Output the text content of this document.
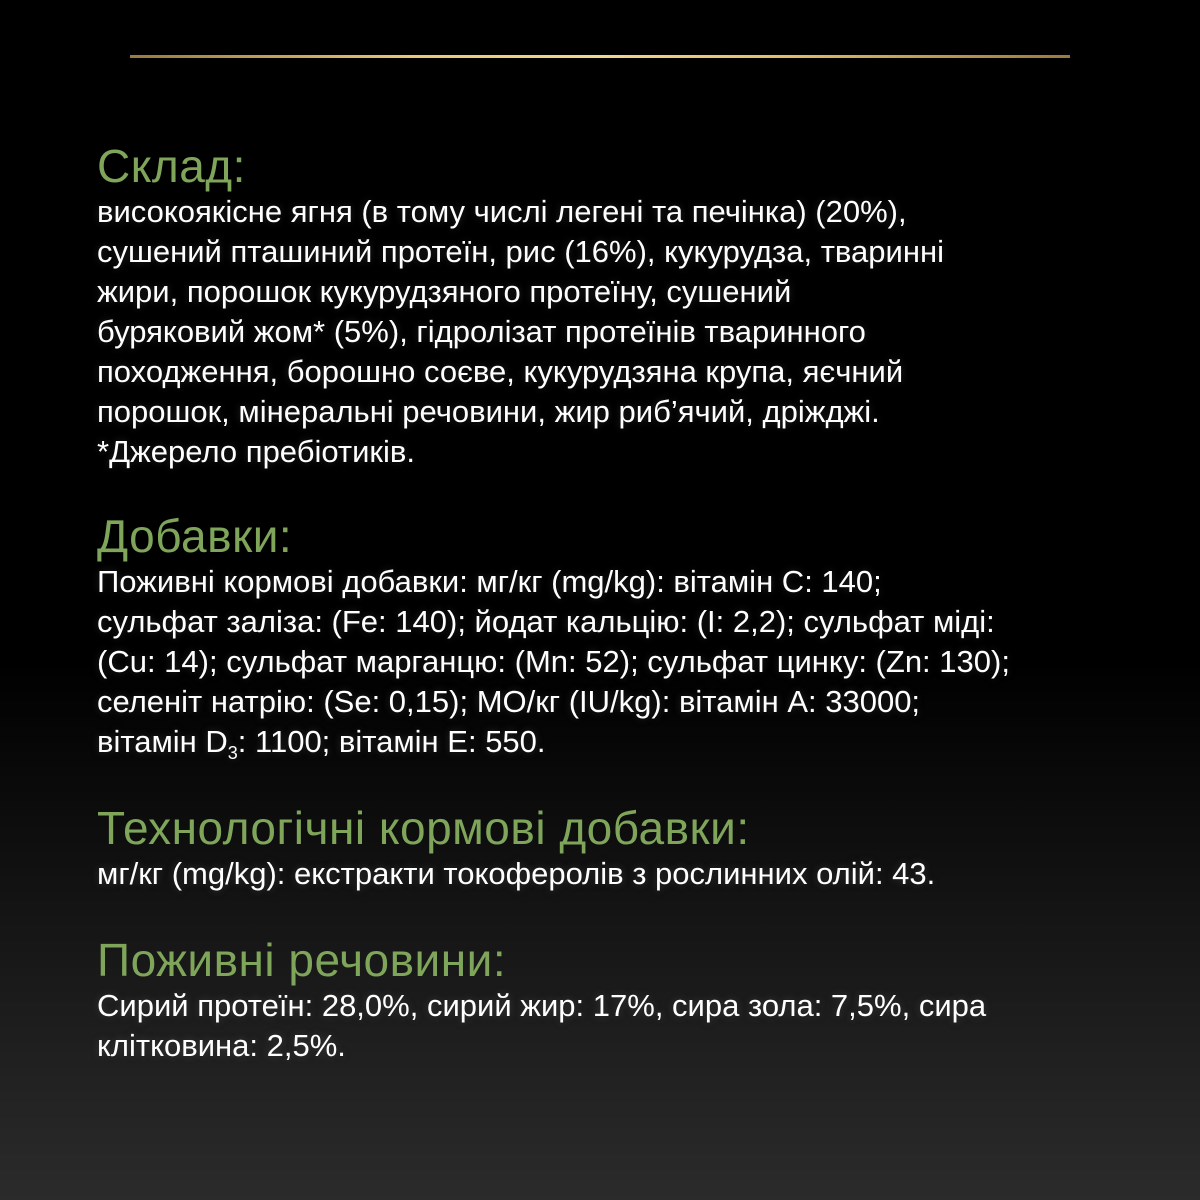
Склад:

високоякісне ягня (в тому числі легені та печінка) (20%),
сушений пташиний протеїн, рис (16%), кукурудза, тваринні
жири, порошок кукурудзяного протеїну, сушений
буряковий жом* (5%), гідролізат протеїнів тваринного
походження, борошно соєве, кукурудзяна крупа, яєчний
порошок, мінеральні речовини, жир риб’ячий, дріжджі.
*Джерело пребіотиків.

Добавки:

Поживні кормові добавки: мг/кг (mg/kg): вітамін С: 140;
сульфат заліза: (Fe: 140); йодат кальцію: (I: 2,2); сульфат міді:
(Cu: 14); сульфат марганцю: (Mn: 52); сульфат цинку: (Zn: 130);
селеніт натрію: (Se: 0,15); МО/кг (IU/kg): вітамін A: 33000;
вітамін $D_3$: 1100; вітамін Е: 550.

Технологічні кормові добавки:

мг/кг (mg/kg): екстракти токоферолів з рослинних олій: 43.

Поживні речовини:

Сирий протеїн: 28,0%, сирий жир: 17%, сира зола: 7,5%, сира
клітковина: 2,5%.
